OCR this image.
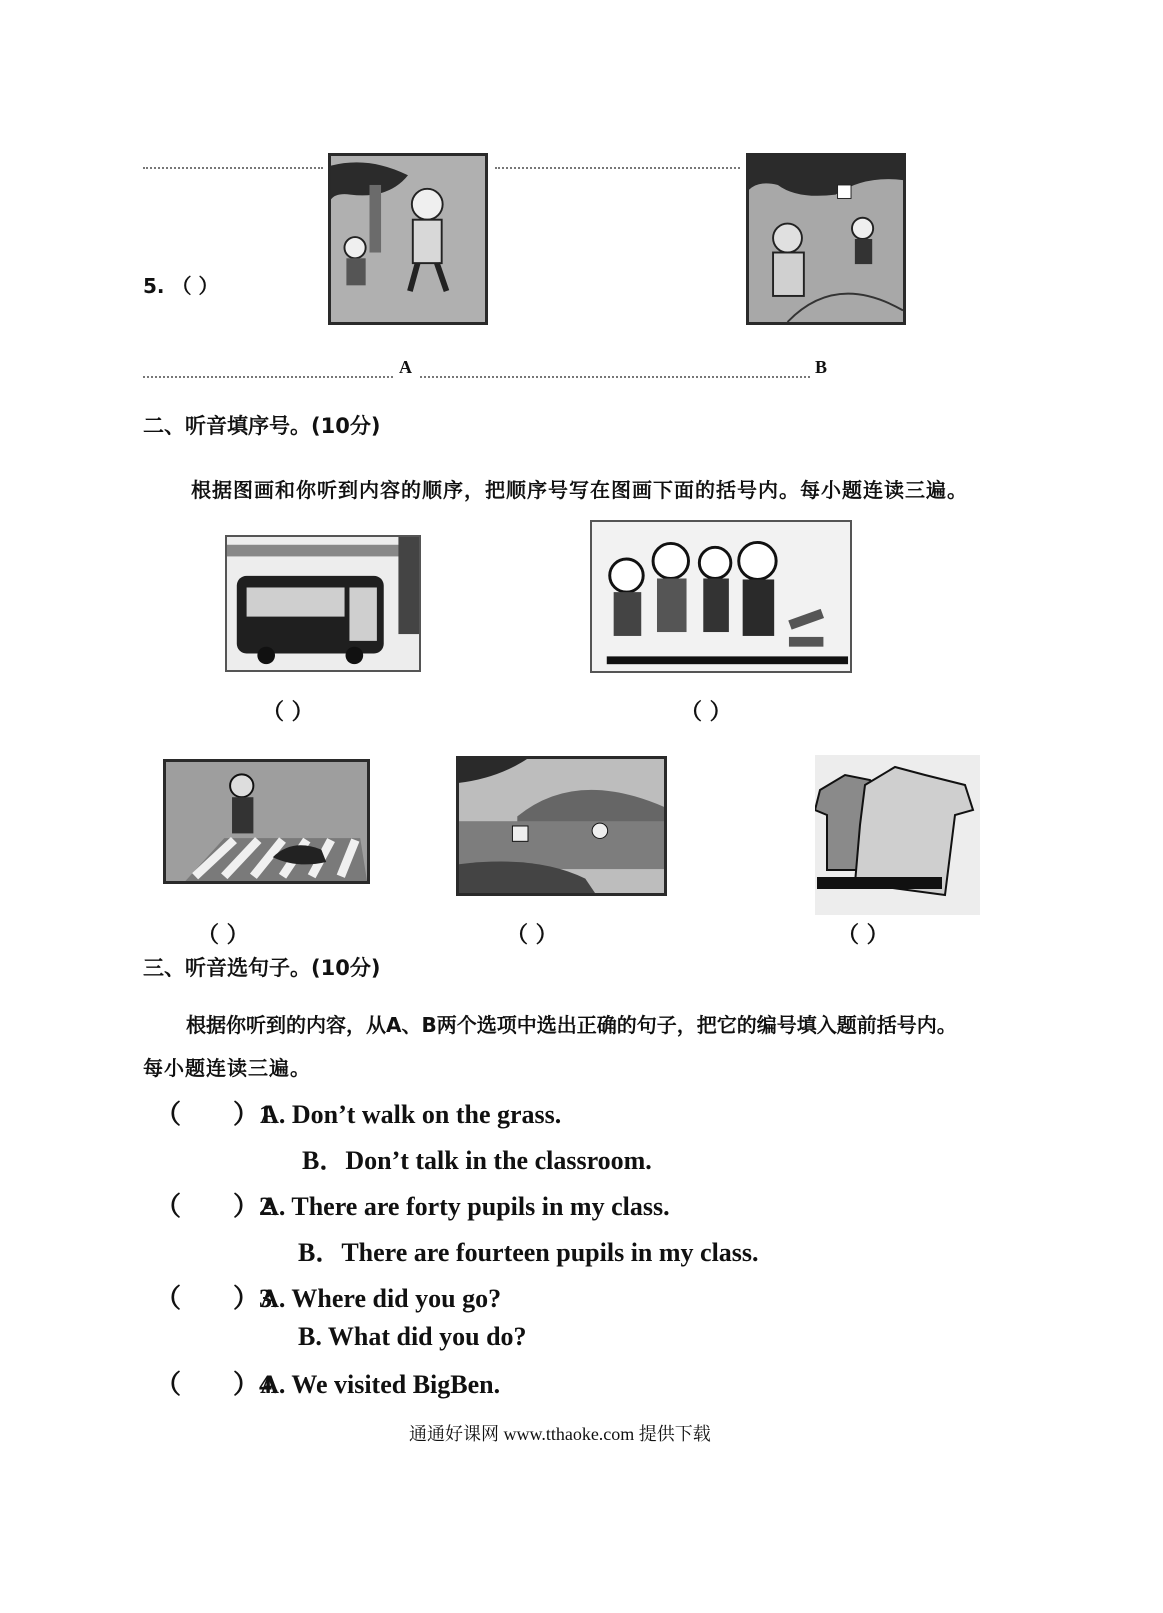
5. （ ）
A	B
二、听音填序号。(10分)
根据图画和你听到内容的顺序，把顺序号写在图画下面的括号内。每小题连读三遍。
（ ）	（ ）
（ ）	（ ）	（ ）
三、听音选句子。(10分)
根据你听到的内容，从A、B两个选项中选出正确的句子，把它的编号填入题前括号内。
每小题连读三遍。
（　　）1. A. Don’t walk on the grass.
B．Don’t talk in the classroom.
（　　）2. A. There are forty pupils in my class.
B．There are fourteen pupils in my class.
（　　）3. A. Where did you go?
B. What did you do?
（　　）4. A. We visited BigBen.
通通好课网 www.tthaoke.com 提供下载
